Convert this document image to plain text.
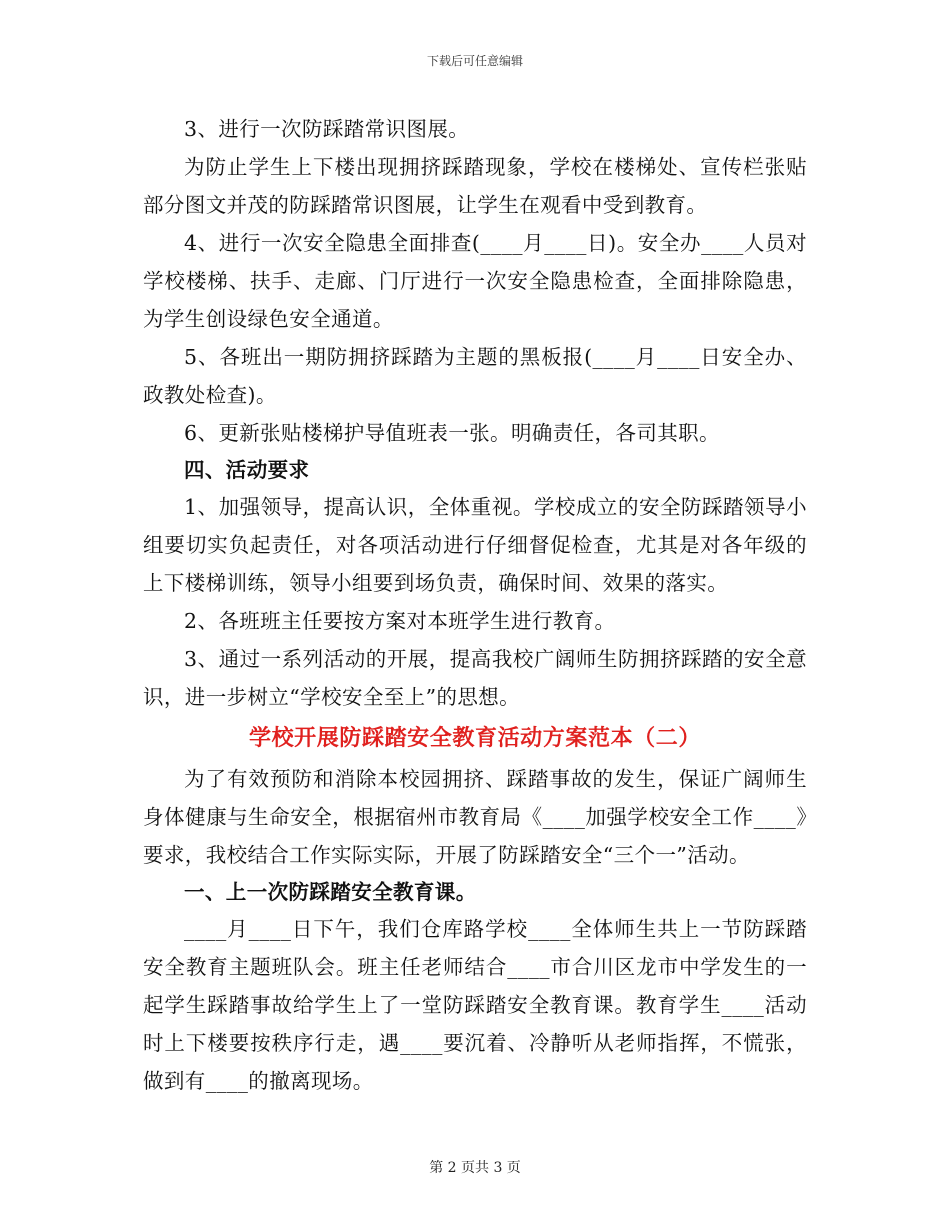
下载后可任意编辑

3、进行一次防踩踏常识图展。

为防止学生上下楼出现拥挤踩踏现象，学校在楼梯处、宣传栏张贴部分图文并茂的防踩踏常识图展，让学生在观看中受到教育。

4、进行一次安全隐患全面排查(____月____日)。安全办____人员对学校楼梯、扶手、走廊、门厅进行一次安全隐患检查，全面排除隐患，为学生创设绿色安全通道。

5、各班出一期防拥挤踩踏为主题的黑板报(____月____日安全办、政教处检查)。

6、更新张贴楼梯护导值班表一张。明确责任，各司其职。

四、活动要求

1、加强领导，提高认识，全体重视。学校成立的安全防踩踏领导小组要切实负起责任，对各项活动进行仔细督促检查，尤其是对各年级的上下楼梯训练，领导小组要到场负责，确保时间、效果的落实。

2、各班班主任要按方案对本班学生进行教育。

3、通过一系列活动的开展，提高我校广阔师生防拥挤踩踏的安全意识，进一步树立“学校安全至上”的思想。

学校开展防踩踏安全教育活动方案范本（二）

为了有效预防和消除本校园拥挤、踩踏事故的发生，保证广阔师生身体健康与生命安全，根据宿州市教育局《____加强学校安全工作____》要求，我校结合工作实际实际，开展了防踩踏安全“三个一”活动。

一、上一次防踩踏安全教育课。

____月____日下午，我们仓库路学校____全体师生共上一节防踩踏安全教育主题班队会。班主任老师结合____市合川区龙市中学发生的一起学生踩踏事故给学生上了一堂防踩踏安全教育课。教育学生____活动时上下楼要按秩序行走，遇____要沉着、冷静听从老师指挥，不慌张，做到有____的撤离现场。

第 2 页共 3 页
